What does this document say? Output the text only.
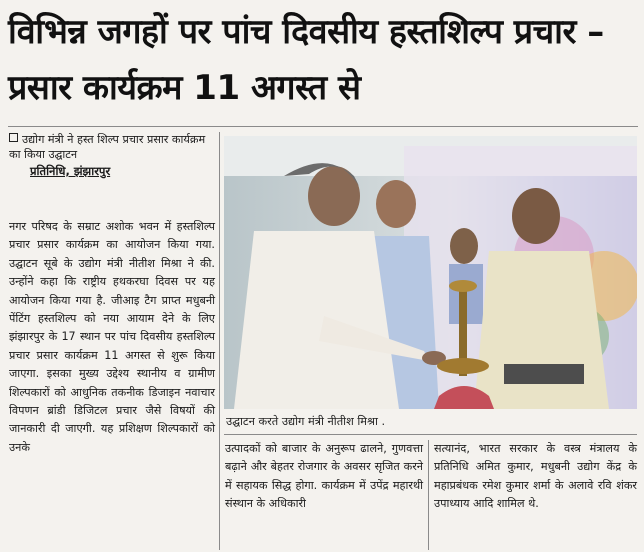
विभिन्न जगहों पर पांच दिवसीय हस्तशिल्प प्रचार – प्रसार कार्यक्रम 11 अगस्त से
उद्योग मंत्री ने हस्त शिल्प प्रचार प्रसार कार्यक्रम का किया उद्घाटन
प्रतिनिधि, झंझारपुर
नगर परिषद के सम्राट अशोक भवन में हस्तशिल्प प्रचार प्रसार कार्यक्रम का आयोजन किया गया. उद्घाटन सूबे के उद्योग मंत्री नीतीश मिश्रा ने की. उन्होंने कहा कि राष्ट्रीय हथकरघा दिवस पर यह आयोजन किया गया है. जीआइ टैग प्राप्त मधुबनी पेंटिंग हस्तशिल्प को नया आयाम देने के लिए झंझारपुर के 17 स्थान पर पांच दिवसीय हस्तशिल्प प्रचार प्रसार कार्यक्रम 11 अगस्त से शुरू किया जाएगा. इसका मुख्य उद्देश्य स्थानीय व ग्रामीण शिल्पकारों को आधुनिक तकनीक डिजाइन नवाचार विपणन ब्रांडी डिजिटल प्रचार जैसे विषयों की जानकारी दी जाएगी. यह प्रशिक्षण शिल्पकारों को उनके
उद्घाटन करते उद्योग मंत्री नीतीश मिश्रा .
उत्पादकों को बाजार के अनुरूप ढालने, गुणवत्ता बढ़ाने और बेहतर रोजगार के अवसर सृजित करने में सहायक सिद्ध होगा. कार्यक्रम में उपेंद्र महारथी संस्थान के अधिकारी
सत्यानंद, भारत सरकार के वस्त्र मंत्रालय के प्रतिनिधि अमित कुमार, मधुबनी उद्योग केंद्र के महाप्रबंधक रमेश कुमार शर्मा के अलावे रवि शंकर उपाध्याय आदि शामिल थे.
